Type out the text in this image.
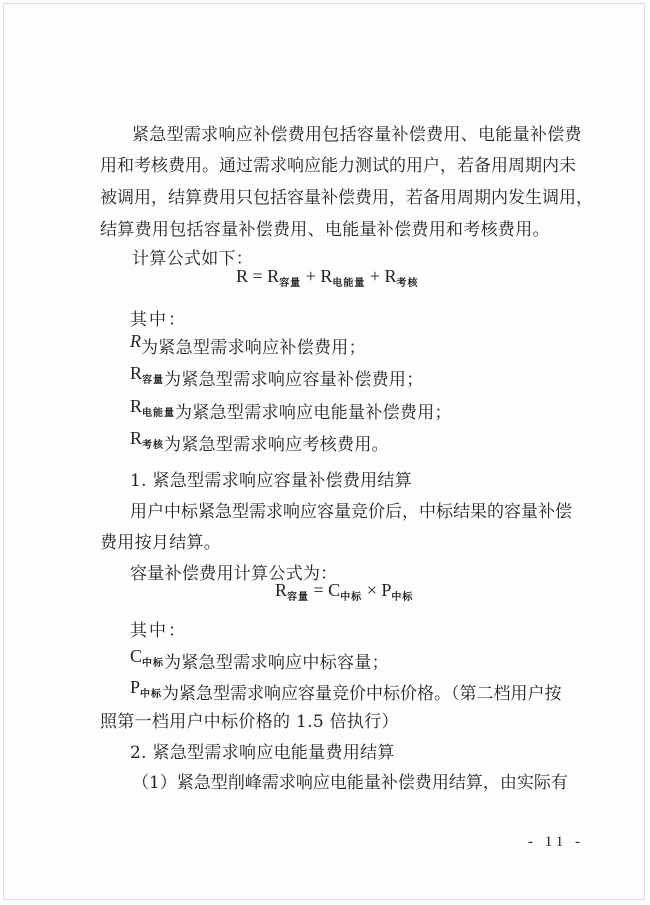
紧急型需求响应补偿费用包括容量补偿费用、电能量补偿费
用和考核费用。通过需求响应能力测试的用户，若备用周期内未
被调用，结算费用只包括容量补偿费用，若备用周期内发生调用，
结算费用包括容量补偿费用、电能量补偿费用和考核费用。
计算公式如下：
$R = R_{容量} + R_{电能量} + R_{考核}$
其中：
R为紧急型需求响应补偿费用；
$R_{容量}$为紧急型需求响应容量补偿费用；
$R_{电能量}$为紧急型需求响应电能量补偿费用；
$R_{考核}$为紧急型需求响应考核费用。
1. 紧急型需求响应容量补偿费用结算
用户中标紧急型需求响应容量竞价后，中标结果的容量补偿
费用按月结算。
容量补偿费用计算公式为：
$R_{容量} = C_{中标} \times P_{中标}$
其中：
$C_{中标}$为紧急型需求响应中标容量；
$P_{中标}$为紧急型需求响应容量竞价中标价格。（第二档用户按
照第一档用户中标价格的 1.5 倍执行）
2. 紧急型需求响应电能量费用结算
（1）紧急型削峰需求响应电能量补偿费用结算，由实际有
- 11 -
